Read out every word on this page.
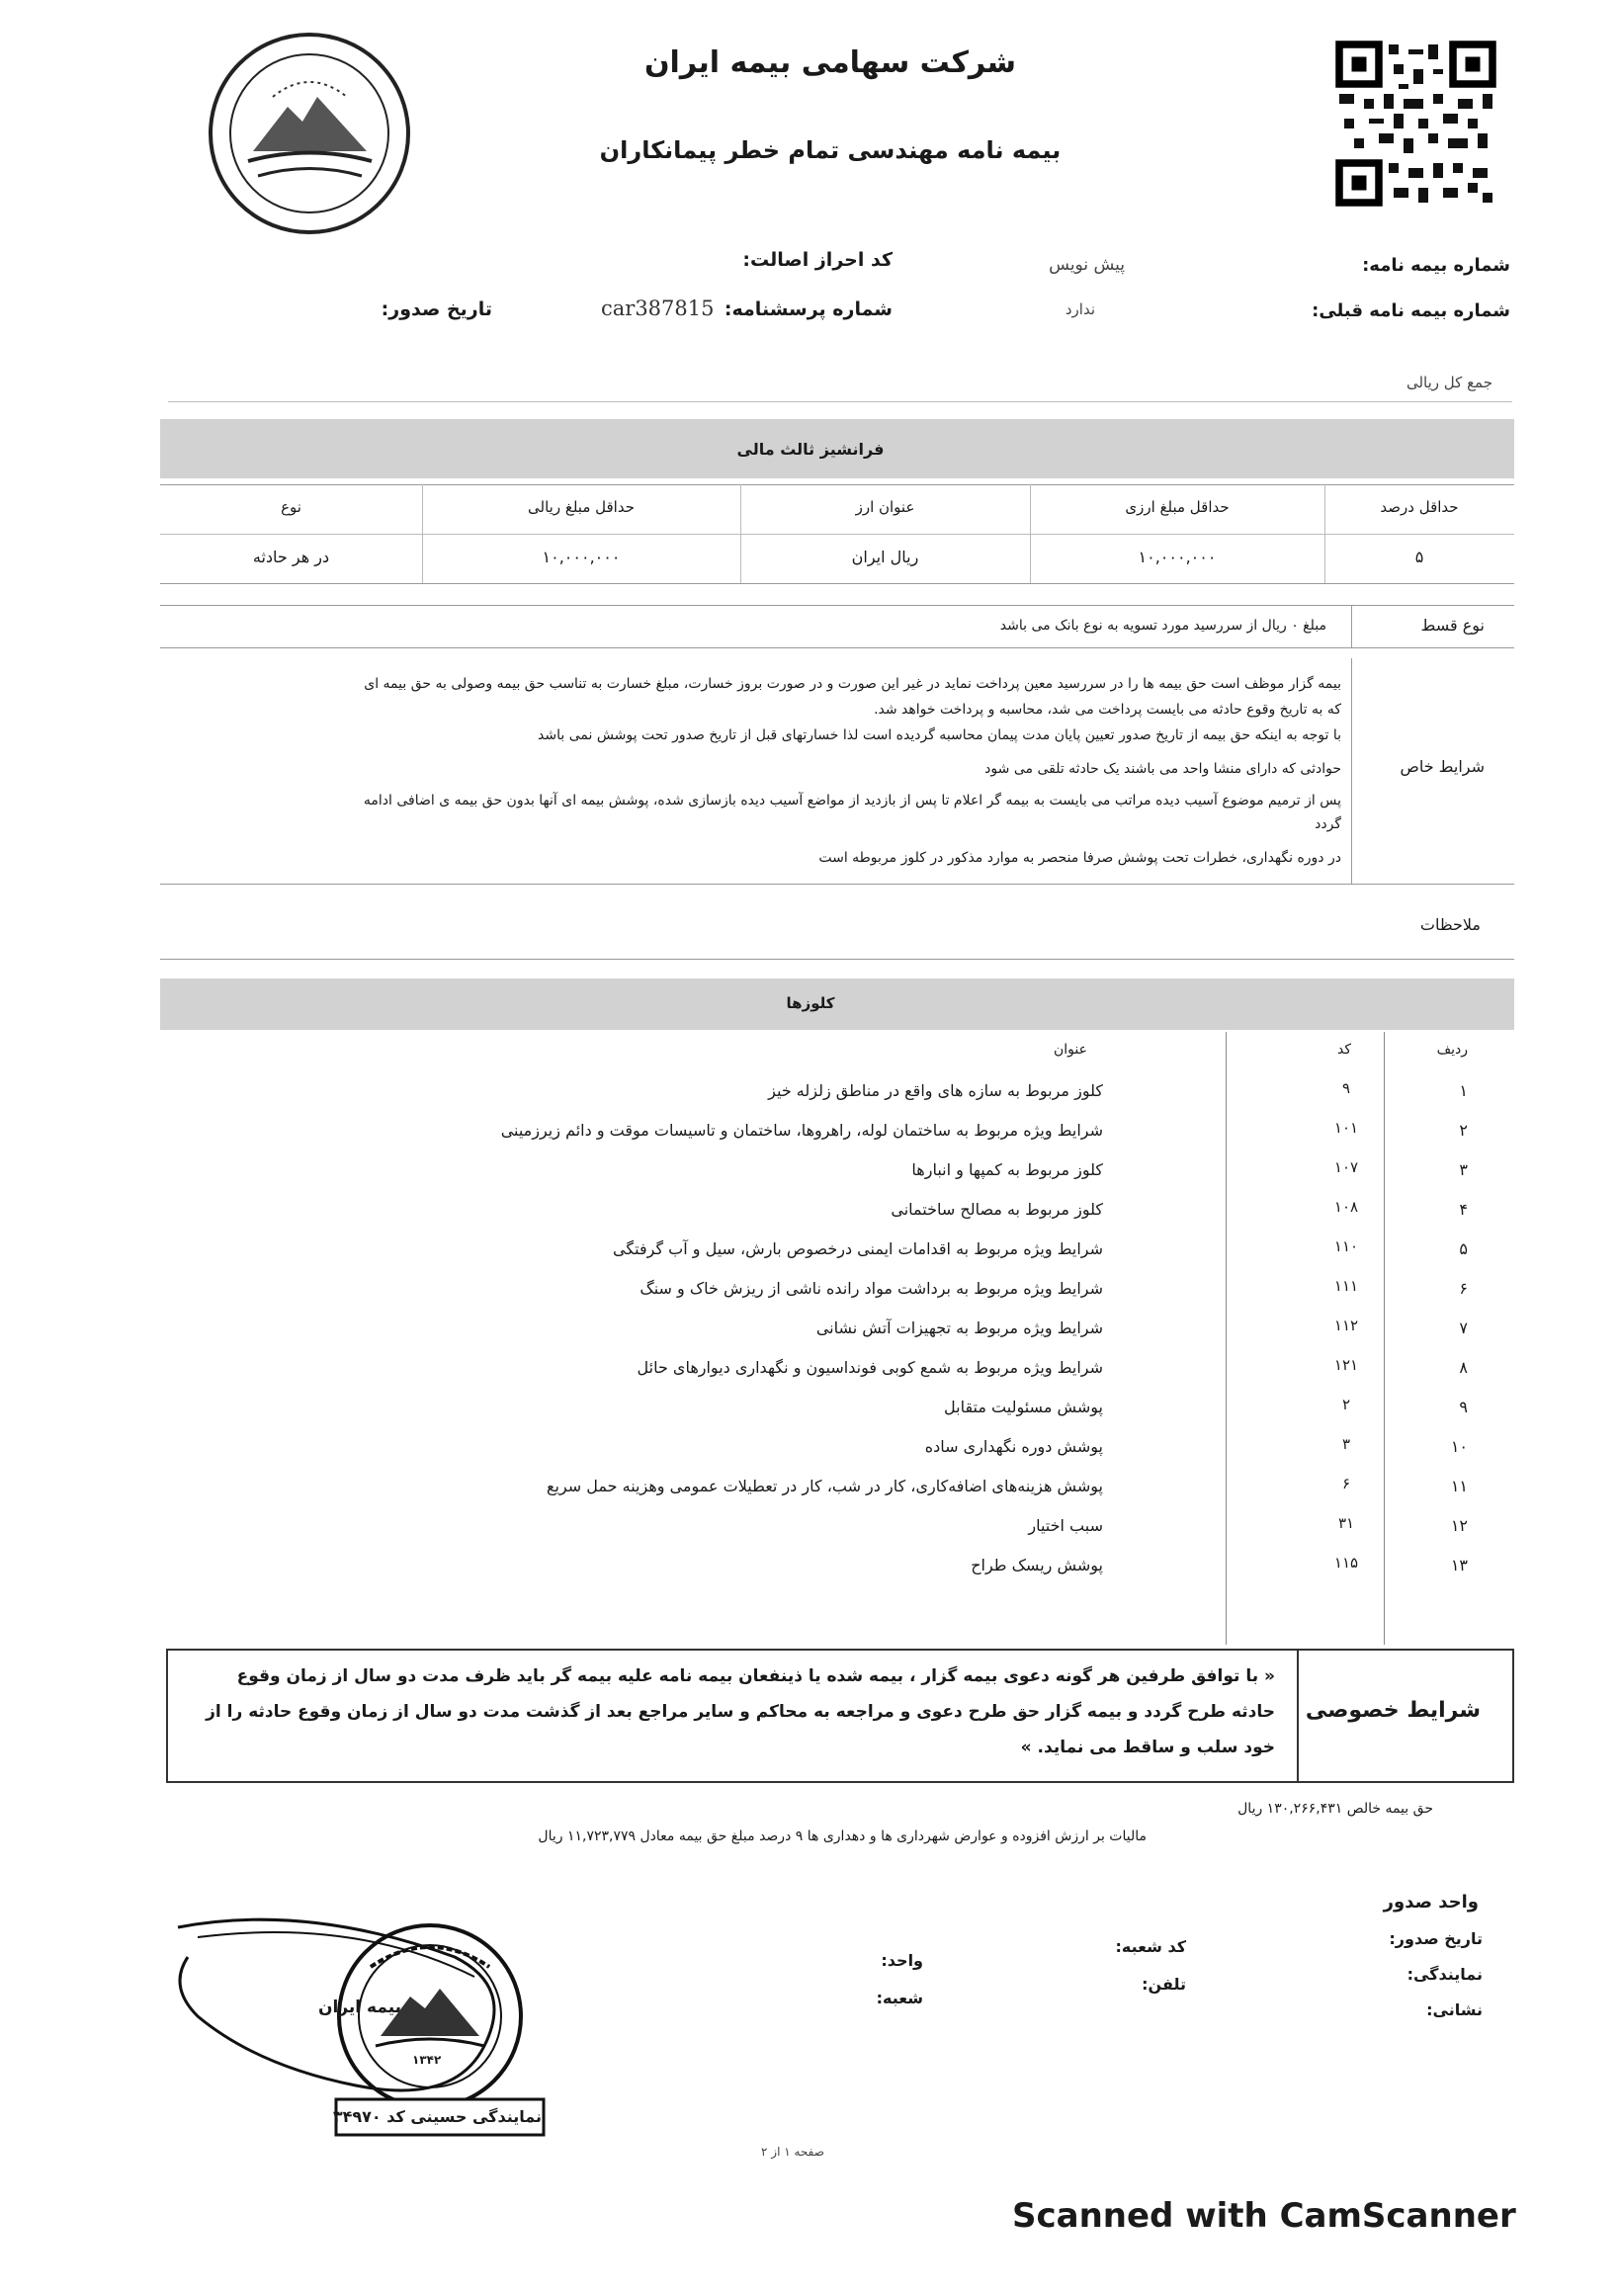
شرکت سهامی بیمه ایران
بیمه نامه مهندسی تمام خطر پیمانکاران
شماره بیمه نامه:
پیش نویس
کد احراز اصالت:
شماره بیمه نامه قبلی:
ندارد
شماره پرسشنامه:
car387815
تاریخ صدور:
جمع کل ریالی
فرانشیز ثالث مالی
حداقل درصد
حداقل مبلغ ارزی
عنوان ارز
حداقل مبلغ ریالی
نوع
۵
۱۰,۰۰۰,۰۰۰
ریال ایران
۱۰,۰۰۰,۰۰۰
در هر حادثه
نوع قسط
مبلغ ۰ ریال از سررسید مورد تسویه به نوع بانک می باشد
شرایط خاص
بیمه گزار موظف است حق بیمه ها را در سررسید معین پرداخت نماید در غیر این صورت و در صورت بروز خسارت، مبلغ خسارت به تناسب حق بیمه وصولی به حق بیمه ای
که به تاریخ وقوع حادثه می بایست پرداخت می شد، محاسبه و پرداخت خواهد شد.
با توجه به اینکه حق بیمه از تاریخ صدور تعیین پایان مدت پیمان محاسبه گردیده است لذا خسارتهای قبل از تاریخ صدور تحت پوشش نمی باشد
حوادثی که دارای منشا واحد می باشند یک حادثه تلقی می شود
پس از ترمیم موضوع آسیب دیده مراتب می بایست به بیمه گر اعلام تا پس از بازدید از مواضع آسیب دیده بازسازی شده، پوشش بیمه ای آنها بدون حق بیمه ی اضافی ادامه
گردد
در دوره نگهداری، خطرات تحت پوشش صرفا منحصر به موارد مذکور در کلوز مربوطه است
ملاحظات
کلوزها
ردیف
کد
عنوان
۱
۹
کلوز مربوط به سازه های واقع در مناطق زلزله خیز
۲
۱۰۱
شرایط ویژه مربوط به ساختمان لوله، راهروها، ساختمان و تاسیسات موقت و دائم زیرزمینی
۳
۱۰۷
کلوز مربوط به کمپها و انبارها
۴
۱۰۸
کلوز مربوط به مصالح ساختمانی
۵
۱۱۰
شرایط ویژه مربوط به اقدامات ایمنی درخصوص بارش، سیل و آب گرفتگی
۶
۱۱۱
شرایط ویژه مربوط به برداشت مواد رانده ناشی از ریزش خاک و سنگ
۷
۱۱۲
شرایط ویژه مربوط به تجهیزات آتش نشانی
۸
۱۲۱
شرایط ویژه مربوط به شمع کوبی فونداسیون و نگهداری دیوارهای حائل
۹
۲
پوشش مسئولیت متقابل
۱۰
۳
پوشش دوره نگهداری ساده
۱۱
۶
پوشش هزینه‌های اضافه‌کاری، کار در شب، کار در تعطیلات عمومی وهزینه حمل سریع
۱۲
۳۱
سبب اختیار
۱۳
۱۱۵
پوشش ریسک طراح
شرایط خصوصی
« با توافق طرفین هر گونه دعوی بیمه گزار ، بیمه شده یا ذینفعان بیمه نامه علیه بیمه گر باید ظرف مدت دو سال از زمان وقوع
حادثه طرح گردد و بیمه گزار حق طرح دعوی و مراجعه به محاکم و سایر مراجع بعد از گذشت مدت دو سال از زمان وقوع حادثه را از
خود سلب و ساقط می نماید. »
حق بیمه خالص ۱۳۰,۲۶۶,۴۳۱ ریال
مالیات بر ارزش افزوده و عوارض شهرداری ها و دهداری ها ۹ درصد مبلغ حق بیمه معادل ۱۱,۷۲۳,۷۷۹ ریال
واحد صدور
تاریخ صدور:
نمایندگی:
نشانی:
کد شعبه:
تلفن:
واحد:
شعبه:
بیمه ایران
۱۳۴۲
نمایندگی حسینی کد ۳۴۹۷۰
صفحه ۱ از ۲
Scanned with CamScanner
